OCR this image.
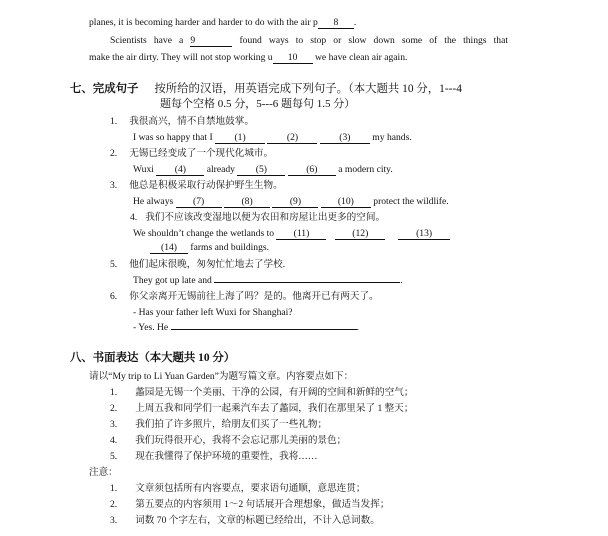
planes, it is becoming harder and harder to do with the air p 8 .
Scientists have a 9	found ways to stop or slow down some of the things that
make the air dirty. They will not stop working u 10 we have clean air again.
七、完成句子 按所给的汉语，用英语完成下列句子。（本大题共 10 分，1---4
题每个空格 0.5 分，5---6 题每句 1.5 分）
1. 我很高兴，情不自禁地鼓掌。
I was so happy that I (1)	(2)	(3) my hands.
2. 无锡已经变成了一个现代化城市。
Wuxi (4) already (5)	(6) a modern city.
3. 他总是积极采取行动保护野生生物。
He always (7)	(8)	(9)	(10) protect the wildlife.
4. 我们不应该改变湿地以便为农田和房屋让出更多的空间。
We shouldn’t change the wetlands to (11)	(12)	(13)
(14) farms and buildings.
5. 他们起床很晚，匆匆忙忙地去了学校.
They got up late and	.
6. 你父亲离开无锡前往上海了吗？是的。他离开已有两天了。
- Has your father left Wuxi for Shanghai?
- Yes. He	.
八、书面表达（本大题共 10 分）
请以“My trip to Li Yuan Garden”为题写篇文章。内容要点如下：
1. 蠡园是无锡一个美丽、干净的公园，有开阔的空间和新鲜的空气；
2. 上周五我和同学们一起乘汽车去了蠡园，我们在那里呆了 1 整天；
3. 我们拍了许多照片，给朋友们买了一些礼物；
4. 我们玩得很开心，我将不会忘记那儿美丽的景色；
5. 现在我懂得了保护环境的重要性，我将……
注意：
1. 文章须包括所有内容要点，要求语句通顺，意思连贯；
2. 第五要点的内容须用 1～2 句话展开合理想象，做适当发挥；
3. 词数 70 个字左右，文章的标题已经给出，不计入总词数。
